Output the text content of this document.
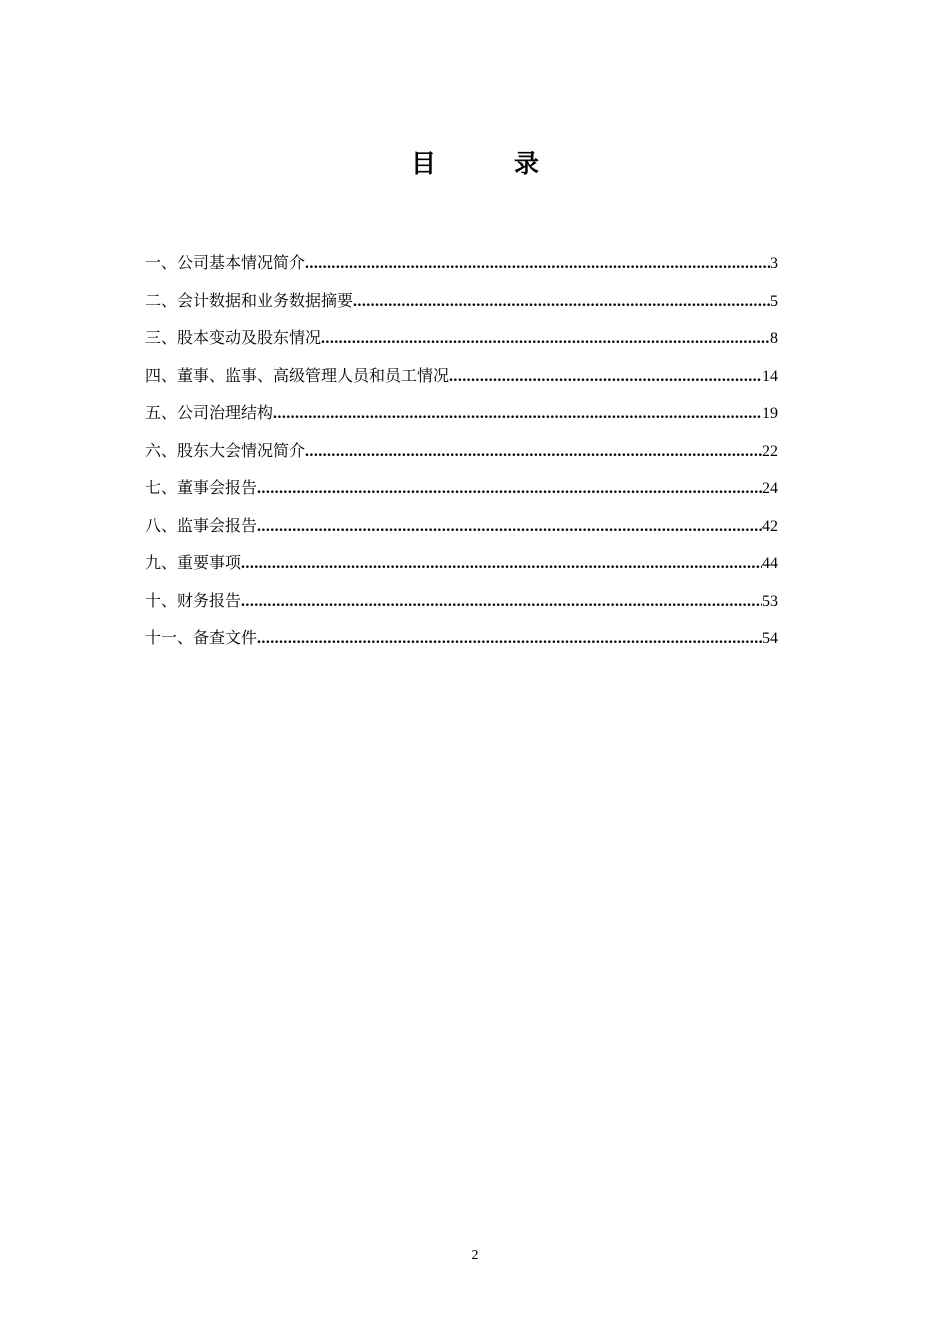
目	录
一、公司基本情况简介 .....	3
二、会计数据和业务数据摘要 .....	5
三、股本变动及股东情况 .....	8
四、董事、监事、高级管理人员和员工情况 .....	14
五、公司治理结构 .....	19
六、股东大会情况简介 .....	22
七、董事会报告 .....	24
八、监事会报告 .....	42
九、重要事项 .....	44
十、财务报告 .....	53
十一、备查文件 .....	54
2
